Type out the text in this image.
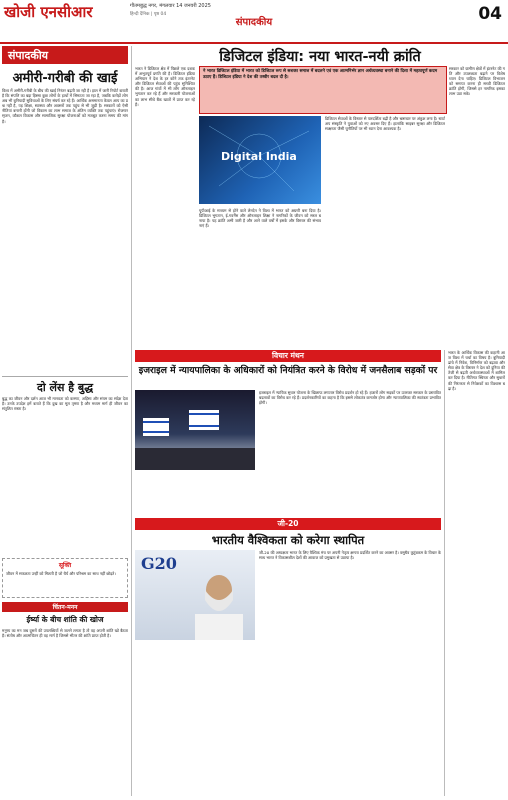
खोजी एनसीआर	गौतमबुद्ध नगर, मंगलवार 14 जनवरी 2025
हिन्दी दैनिक | पृष्ठ 04
संपादकीय	04
संपादकीय
अमीरी-गरीबी की खाई
विश्व में अमीरी-गरीबी के बीच की खाई निरंतर बढ़ती जा रही है। हाल में जारी रिपोर्ट बताती है कि संपत्ति का बड़ा हिस्सा कुछ लोगों के हाथों में सिमटता जा रहा है, जबकि करोड़ों लोग अब भी बुनियादी सुविधाओं के लिए संघर्ष कर रहे हैं। आर्थिक असमानता केवल आय का प्रश्न नहीं है, यह शिक्षा, स्वास्थ्य और अवसरों तक पहुंच से भी जुड़ी है। सरकारों को ऐसी नीतियां बनानी होंगी जो विकास का लाभ समाज के अंतिम व्यक्ति तक पहुंचाएं। रोजगार सृजन, कौशल विकास और सामाजिक सुरक्षा योजनाओं को मजबूत करना समय की मांग है।
दो लेंस है बुद्ध
बुद्ध का जीवन और दर्शन आज भी मानवता को करुणा, अहिंसा और संयम का संदेश देता है। उनके उपदेश हमें बताते हैं कि दुख का मूल तृष्णा है और मध्यम मार्ग ही जीवन का संतुलित रास्ता है।
सूक्ति
जीवन में सफलता उन्हीं को मिलती है जो धैर्य और परिश्रम का साथ नहीं छोड़ते।
चिंतन-मनन
ईर्ष्या के बीच शांति की खोज
मनुष्य का मन जब दूसरों की उपलब्धियों से जलने लगता है तो वह अपनी शांति खो बैठता है। संतोष और आत्मचिंतन ही वह मार्ग है जिससे भीतर की शांति प्राप्त होती है।
डिजिटल इंडिया: नया भारत-नयी क्रांति
भारत ने डिजिटल क्षेत्र में पिछले एक दशक में अभूतपूर्व प्रगति की है। डिजिटल इंडिया अभियान ने देश के हर कोने तक इंटरनेट और डिजिटल सेवाओं की पहुंच सुनिश्चित की है। आज गांवों में भी लोग ऑनलाइन भुगतान कर रहे हैं और सरकारी योजनाओं का लाभ सीधे बैंक खातों में प्राप्त कर रहे हैं।
ने भारत डिजिटल इंडिया में भारत को डिजिटल रूप से सशक्त समाज में बदलने एवं एक आत्मनिर्भर ज्ञान अर्थव्यवस्था बनाने की दिशा में महत्वपूर्ण कदम उठाए हैं। डिजिटल इंडिया ने देश की तस्वीर बदल दी है।
Digital India
डिजिटल सेवाओं के विस्तार से पारदर्शिता बढ़ी है और भ्रष्टाचार पर अंकुश लगा है। स्टार्टअप संस्कृति ने युवाओं को नए अवसर दिए हैं। हालांकि साइबर सुरक्षा और डिजिटल साक्षरता जैसी चुनौतियों पर भी ध्यान देना आवश्यक है।
यूपीआई के माध्यम से होने वाले लेनदेन ने विश्व में भारत को अग्रणी बना दिया है। डिजिटल भुगतान, ई-गवर्नेंस और ऑनलाइन शिक्षा ने नागरिकों के जीवन को सरल बनाया है। यह क्रांति अभी जारी है और आने वाले वर्षों में इसके और विस्तार की संभावनाएं हैं।
सरकार को ग्रामीण क्षेत्रों में इंटरनेट की गति और उपलब्धता बढ़ाने पर विशेष ध्यान देना चाहिए। डिजिटल विभाजन को समाप्त करना ही सच्ची डिजिटल क्रांति होगी, जिससे हर नागरिक इसका लाभ उठा सके।
विचार मंथन
इजराइल में न्यायपालिका के अधिकारों को नियंत्रित करने के विरोध में जनसैलाब सड़कों पर
इजराइल में न्यायिक सुधार योजना के खिलाफ लगातार विरोध प्रदर्शन हो रहे हैं। हजारों लोग सड़कों पर उतरकर सरकार के प्रस्तावित बदलावों का विरोध कर रहे हैं। प्रदर्शनकारियों का कहना है कि इससे लोकतंत्र कमजोर होगा और न्यायपालिका की स्वतंत्रता प्रभावित होगी।
जी-20
भारतीय वैश्विकता को करेगा स्थापित
G20
जी-20 की अध्यक्षता भारत के लिए वैश्विक मंच पर अपनी नेतृत्व क्षमता प्रदर्शित करने का अवसर है। वसुधैव कुटुंबकम के विचार के साथ भारत ने विकासशील देशों की आवाज को प्रमुखता से उठाया है।
भारत के आर्थिक विकास की कहानी आज विश्व में चर्चा का विषय है। बुनियादी ढांचे में निवेश, विनिर्माण को बढ़ावा और सेवा क्षेत्र के विस्तार ने देश को दुनिया की तेजी से बढ़ती अर्थव्यवस्थाओं में शामिल कर दिया है। नीतिगत स्थिरता और सुधारों की निरंतरता से निवेशकों का विश्वास बढ़ा है।
